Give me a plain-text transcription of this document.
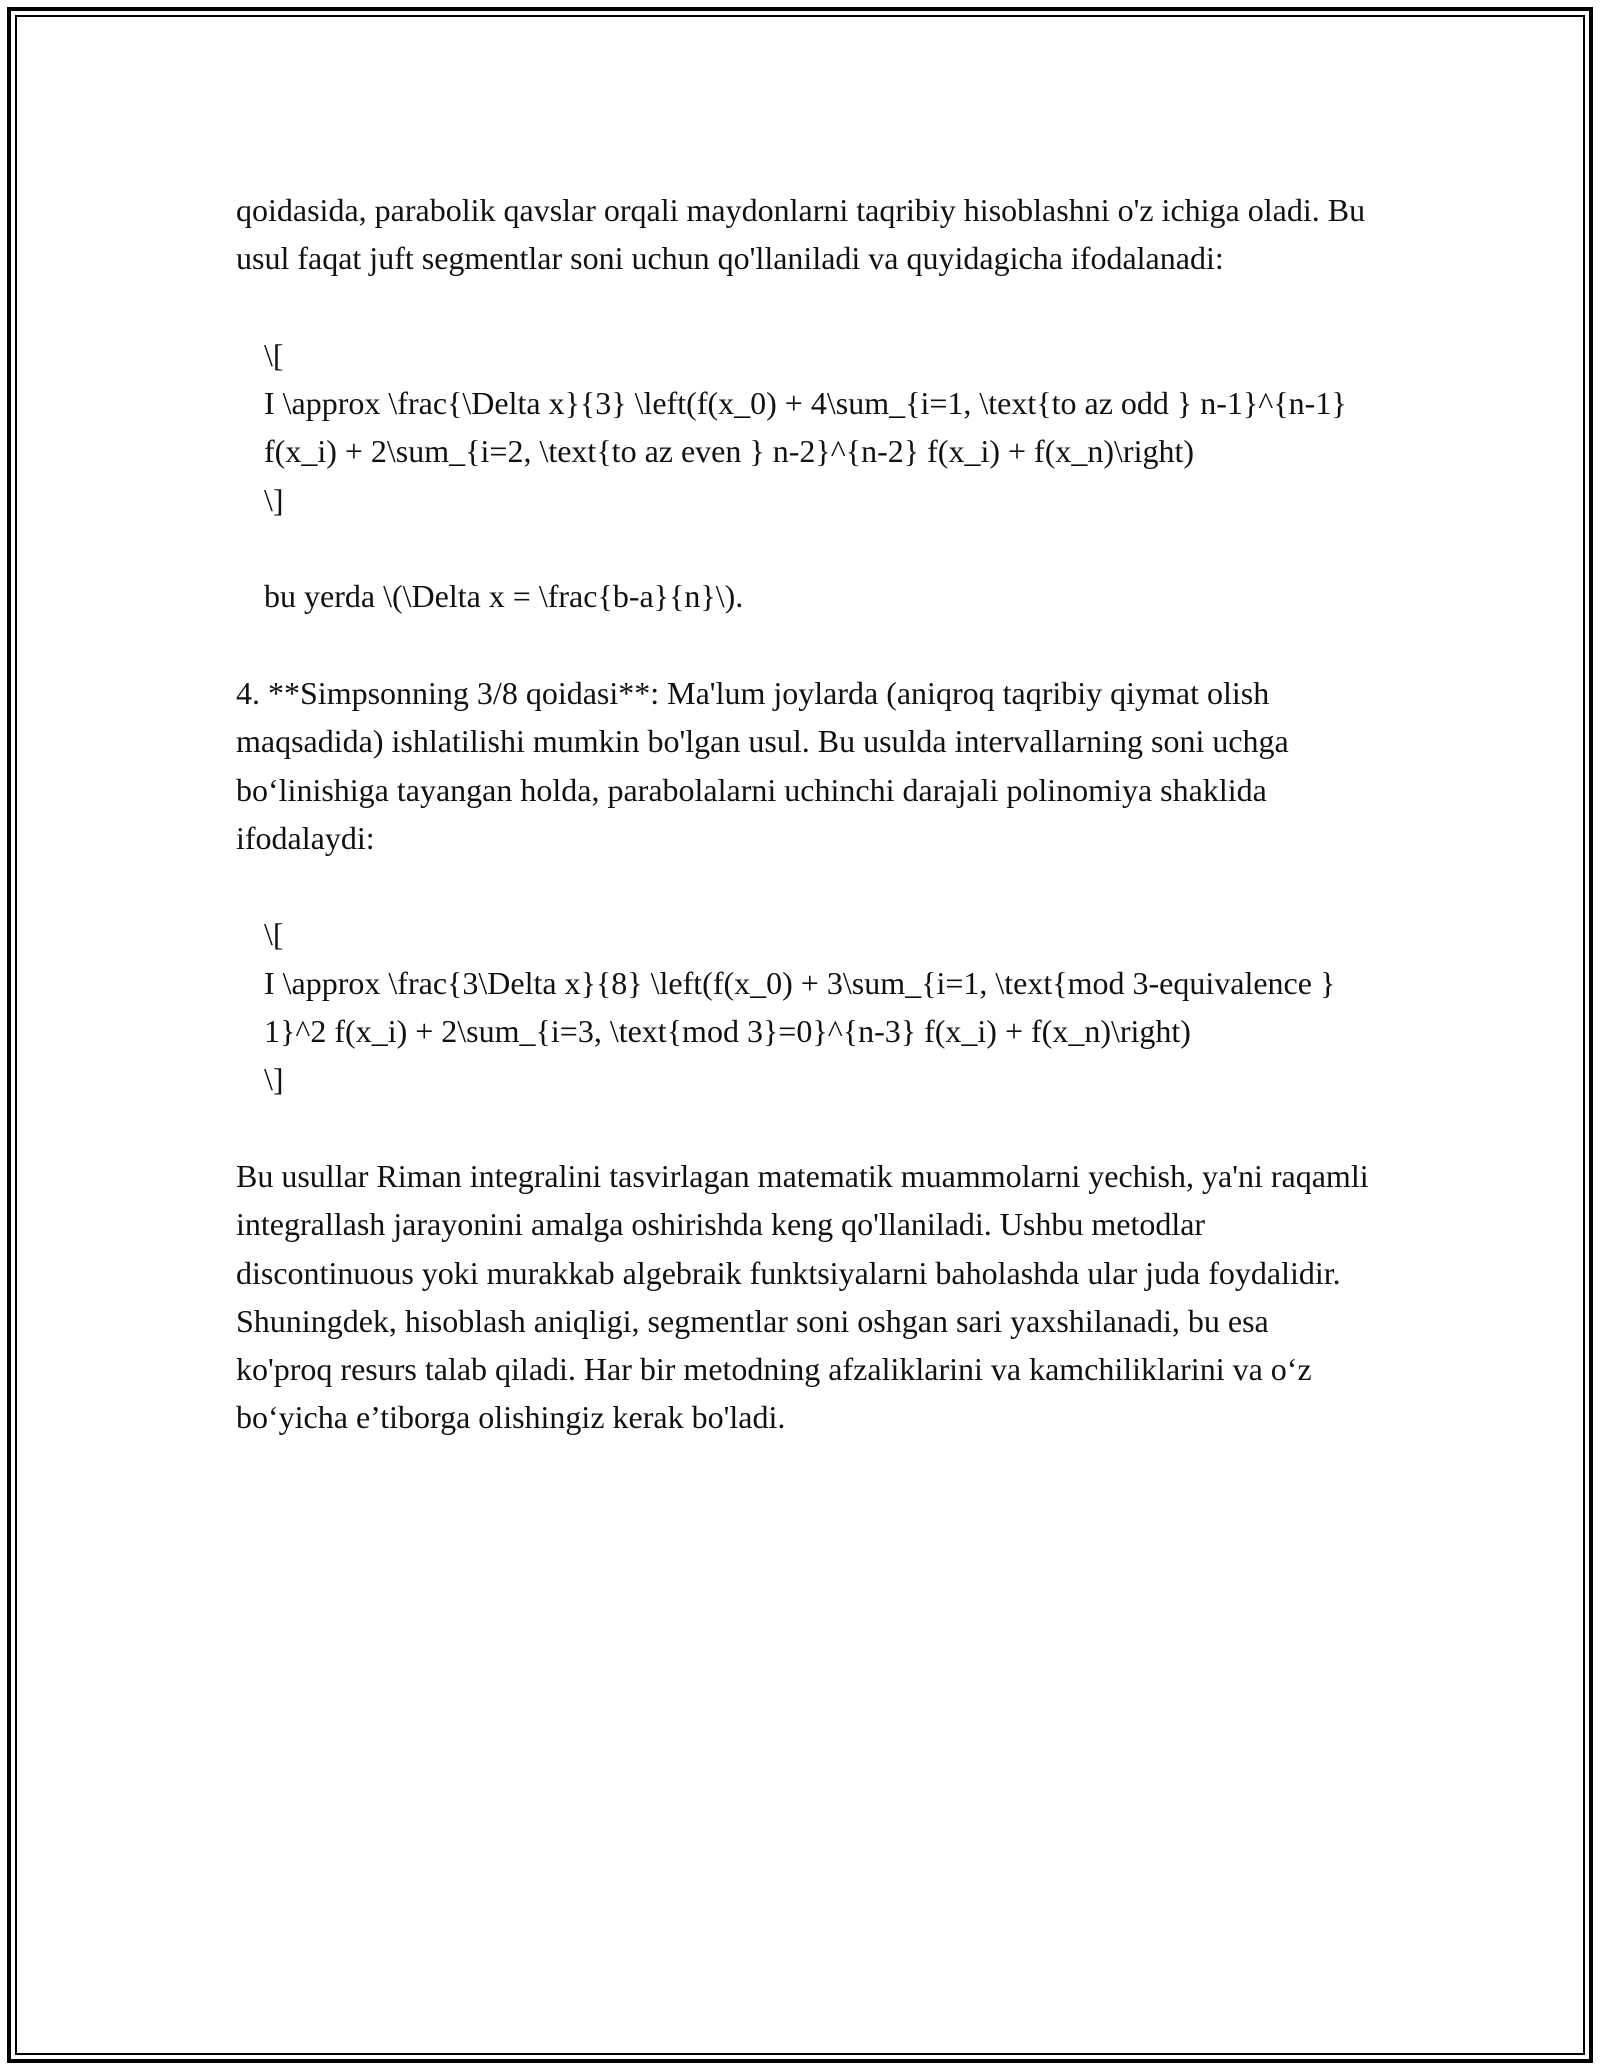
qoidasida, parabolik qavslar orqali maydonlarni taqribiy hisoblashni o'z ichiga oladi. Bu usul faqat juft segmentlar soni uchun qo'llaniladi va quyidagicha ifodalanadi:

\[

I \approx \frac{\Delta x}{3} \left(f(x_0) + 4\sum_{i=1, \text{to az odd } n-1}^{n-1} f(x_i) + 2\sum_{i=2, \text{to az even } n-2}^{n-2} f(x_i) + f(x_n)\right)

\]

bu yerda \(\Delta x = \frac{b-a}{n}\).

4. **Simpsonning 3/8 qoidasi**: Ma'lum joylarda (aniqroq taqribiy qiymat olish maqsadida) ishlatilishi mumkin bo'lgan usul. Bu usulda intervallarning soni uchga bo‘linishiga tayangan holda, parabolalarni uchinchi darajali polinomiya shaklida ifodalaydi:

\[

I \approx \frac{3\Delta x}{8} \left(f(x_0) + 3\sum_{i=1, \text{mod 3-equivalence } 1}^2 f(x_i) + 2\sum_{i=3, \text{mod 3}=0}^{n-3} f(x_i) + f(x_n)\right)

\]

Bu usullar Riman integralini tasvirlagan matematik muammolarni yechish, ya'ni raqamli integrallash jarayonini amalga oshirishda keng qo'llaniladi. Ushbu metodlar discontinuous yoki murakkab algebraik funktsiyalarni baholashda ular juda foydalidir. Shuningdek, hisoblash aniqligi, segmentlar soni oshgan sari yaxshilanadi, bu esa ko'proq resurs talab qiladi. Har bir metodning afzaliklarini va kamchiliklarini va o‘z bo‘yicha e’tiborga olishingiz kerak bo'ladi.
